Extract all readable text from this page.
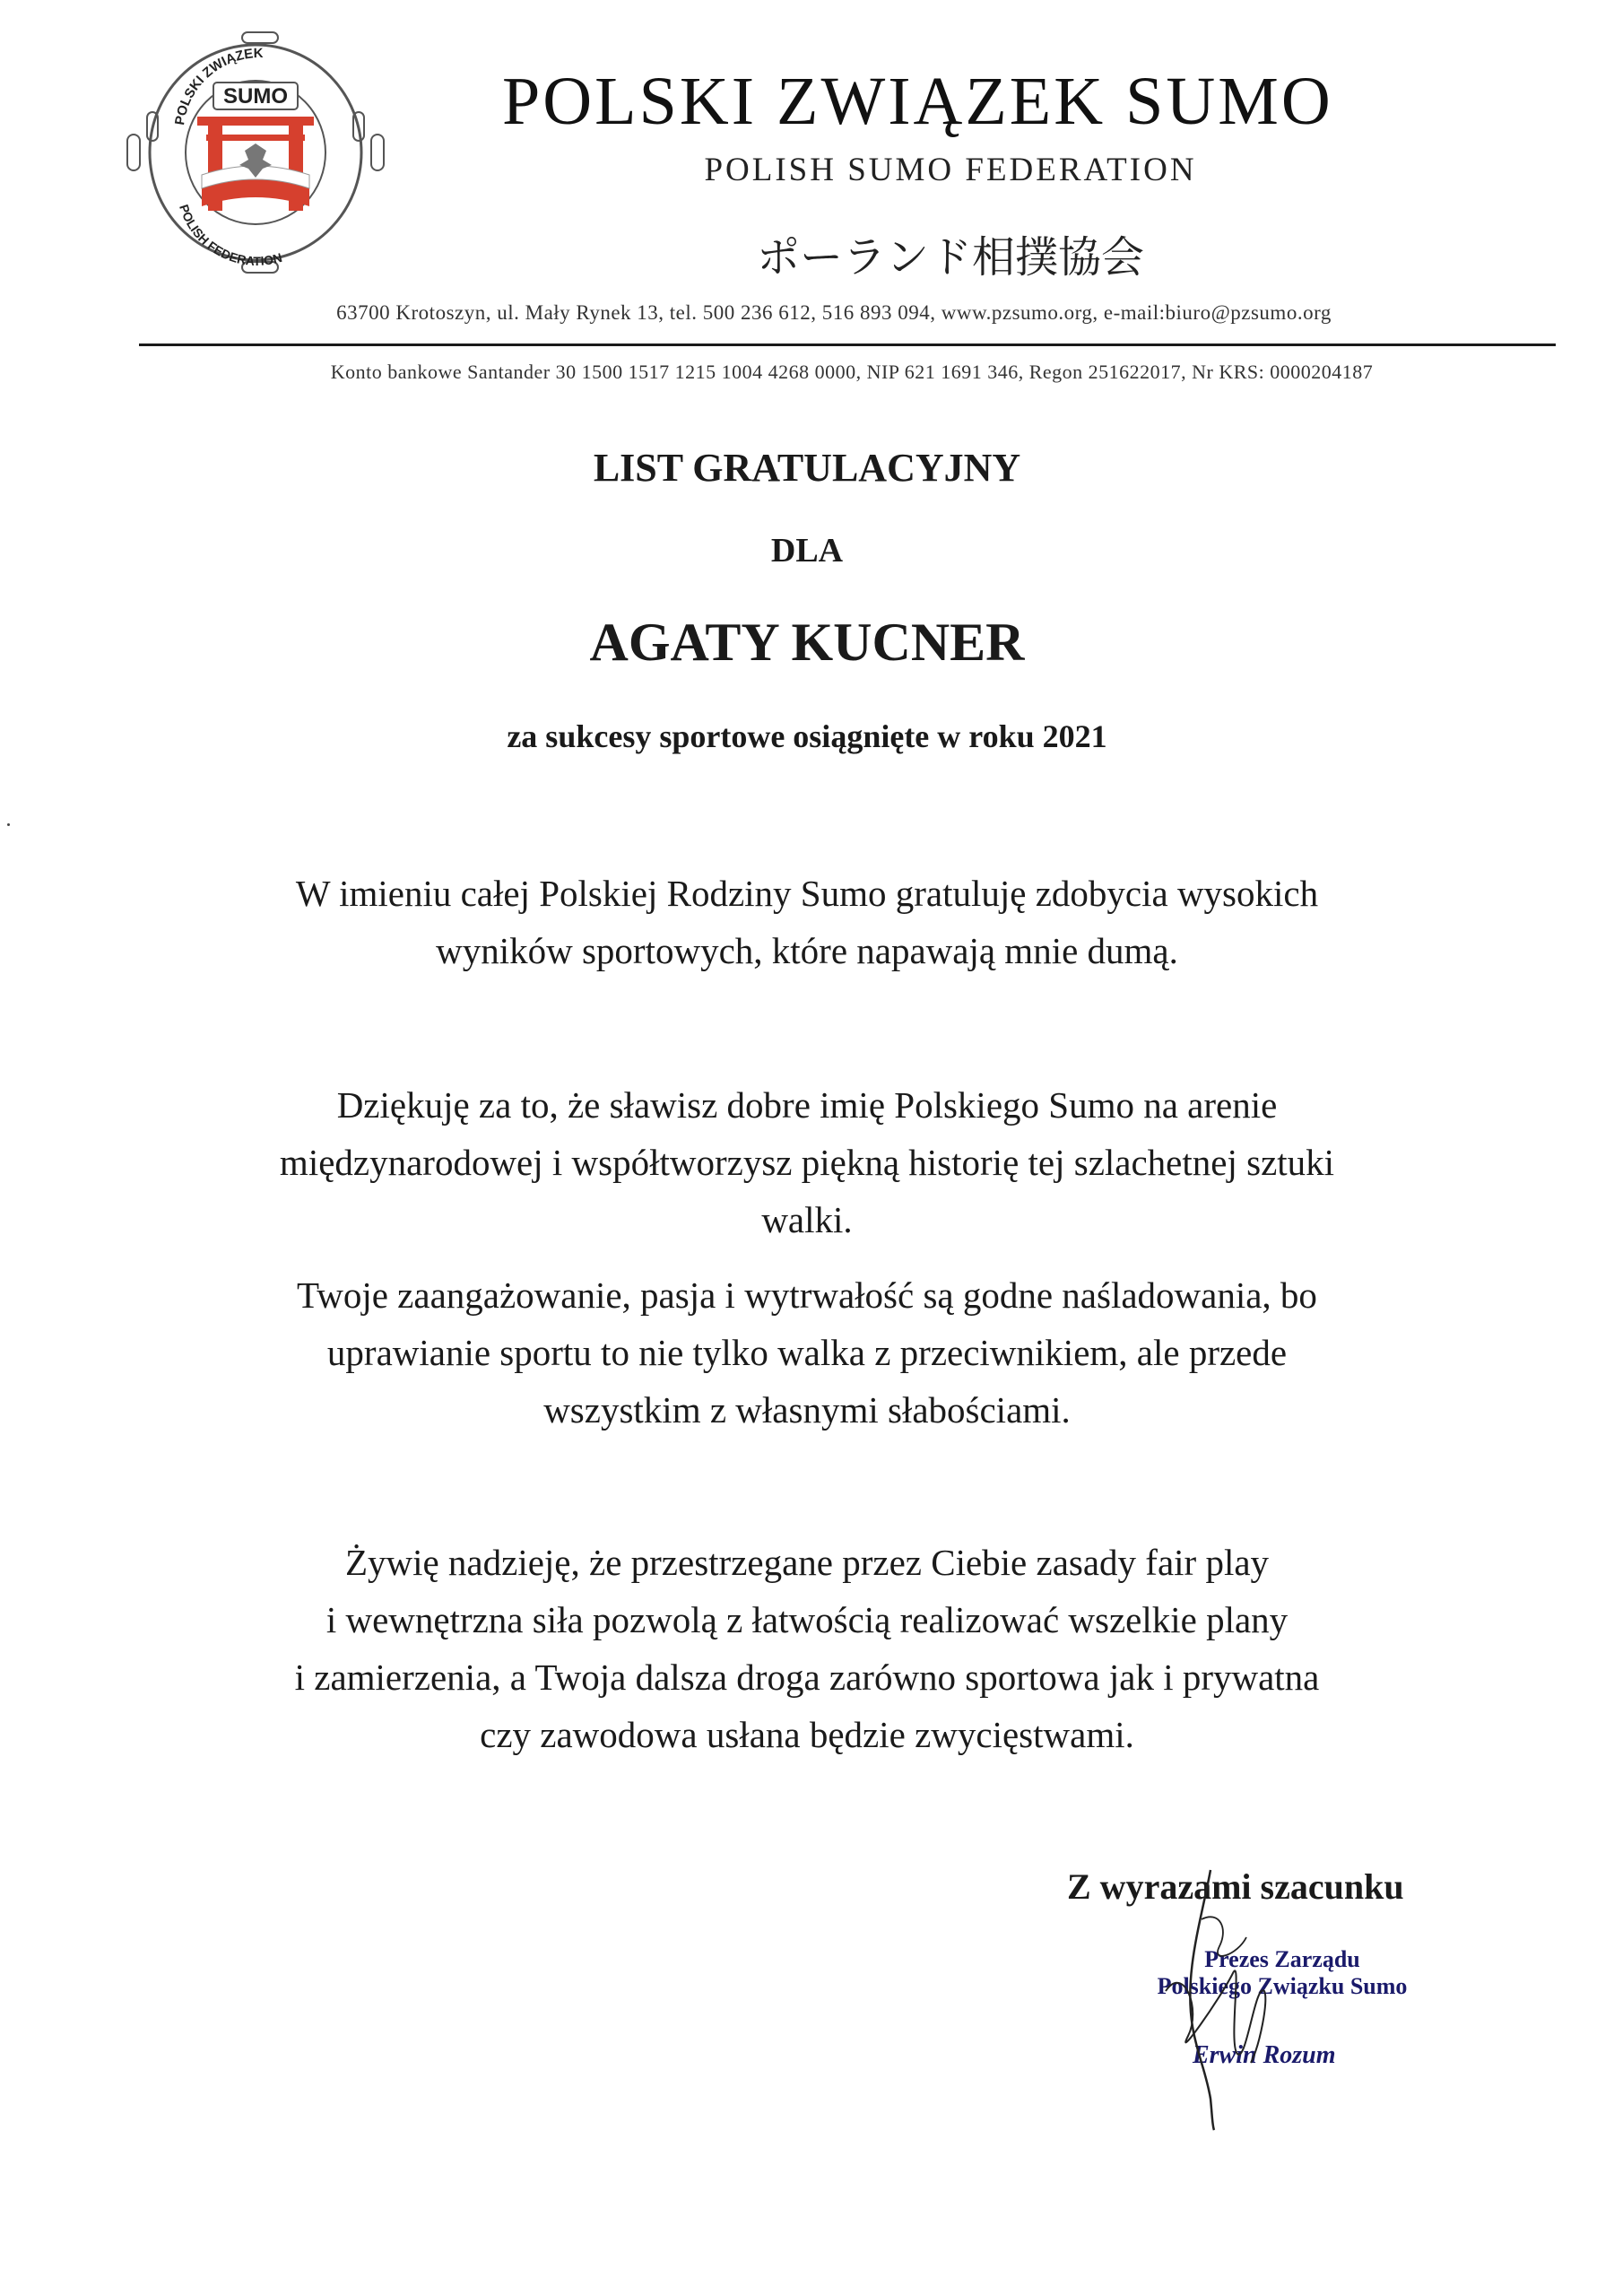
SUMO
POLSKI ZWIĄZEK
POLISH FEDERATION
POLSKI ZWIĄZEK SUMO
POLISH SUMO FEDERATION
ポーランド相撲協会
63700 Krotoszyn, ul. Mały Rynek 13, tel. 500 236 612, 516 893 094, www.pzsumo.org, e-mail:biuro@pzsumo.org
Konto bankowe Santander 30 1500 1517 1215 1004 4268 0000, NIP 621 1691 346, Regon 251622017, Nr KRS: 0000204187
LIST GRATULACYJNY
DLA
AGATY KUCNER
za sukcesy sportowe osiągnięte w roku 2021
W imieniu całej Polskiej Rodziny Sumo gratuluję zdobycia wysokich
wyników sportowych, które napawają mnie dumą.
Dziękuję za to, że sławisz dobre imię Polskiego Sumo na arenie
międzynarodowej i współtworzysz piękną historię tej szlachetnej sztuki
walki.
Twoje zaangażowanie, pasja i wytrwałość są godne naśladowania, bo
uprawianie sportu to nie tylko walka z przeciwnikiem, ale przede
wszystkim z własnymi słabościami.
Żywię nadzieję, że przestrzegane przez Ciebie zasady fair play
i wewnętrzna siła pozwolą z łatwością realizować wszelkie plany
i zamierzenia, a Twoja dalsza droga zarówno sportowa jak i prywatna
czy zawodowa usłana będzie zwycięstwami.
Z wyrazami szacunku
Prezes Zarządu
Polskiego Związku Sumo
Erwin Rozum
